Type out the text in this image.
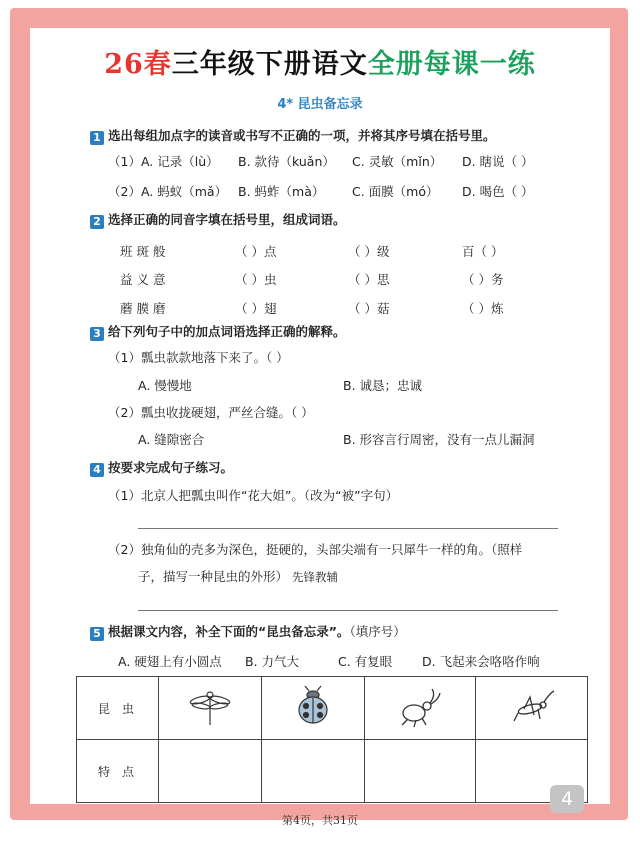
26春三年级下册语文全册每课一练
4* 昆虫备忘录
1 选出每组加点字的读音或书写不正确的一项，并将其序号填在括号里。
（1）A. 记录（lù） B. 款待（kuǎn） C. 灵敏（mǐn） D. 瞎说（ ）
（2）A. 蚂蚁（mǎ） B. 蚂蚱（mà） C. 面膜（mó） D. 喝色（ ）
2 选择正确的同音字填在括号里，组成词语。
班 斑 般	（ ）点	（ ）级	百（ ）
益 义 意	（ ）虫	（ ）思	（ ）务
蘑 膜 磨	（ ）翅	（ ）菇	（ ）炼
3 给下列句子中的加点词语选择正确的解释。
（1）瓢虫款款地落下来了。（ ）
A. 慢慢地	B. 诚恳；忠诚
（2）瓢虫收拢硬翅，严丝合缝。（ ）
A. 缝隙密合	B. 形容言行周密，没有一点儿漏洞
4 按要求完成句子练习。
（1）北京人把瓢虫叫作“花大姐”。（改为“被”字句）
（2）独角仙的壳多为深色，挺硬的，头部尖端有一只犀牛一样的角。（照样
子，描写一种昆虫的外形） 先锋教辅
5 根据课文内容，补全下面的“昆虫备忘录”。（填序号）
A. 硬翅上有小圆点 B. 力气大	C. 有复眼 D. 飞起来会咯咯作响
昆虫				
特点				
4
第4页，共31页
